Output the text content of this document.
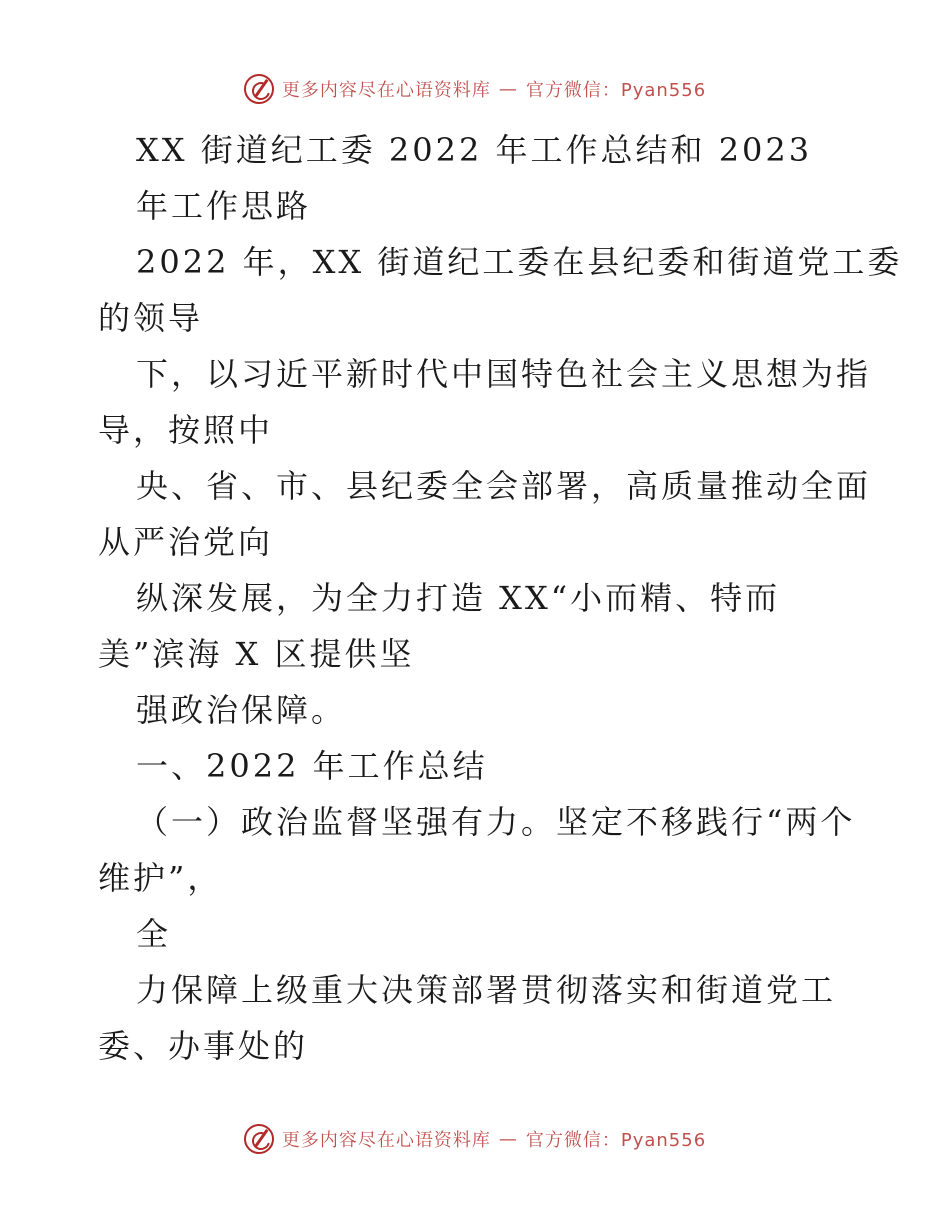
更多内容尽在心语资料库 — 官方微信：Pyan556
XX 街道纪工委 2022 年工作总结和 2023
年工作思路
2022 年，XX 街道纪工委在县纪委和街道党工委
的领导
下，以习近平新时代中国特色社会主义思想为指
导，按照中
央、省、市、县纪委全会部署，高质量推动全面
从严治党向
纵深发展，为全力打造 XX“小而精、特而
美”滨海 X 区提供坚
强政治保障。
一、2022 年工作总结
（一）政治监督坚强有力。坚定不移践行“两个
维护”，
全
力保障上级重大决策部署贯彻落实和街道党工
委、办事处的
更多内容尽在心语资料库 — 官方微信：Pyan556
